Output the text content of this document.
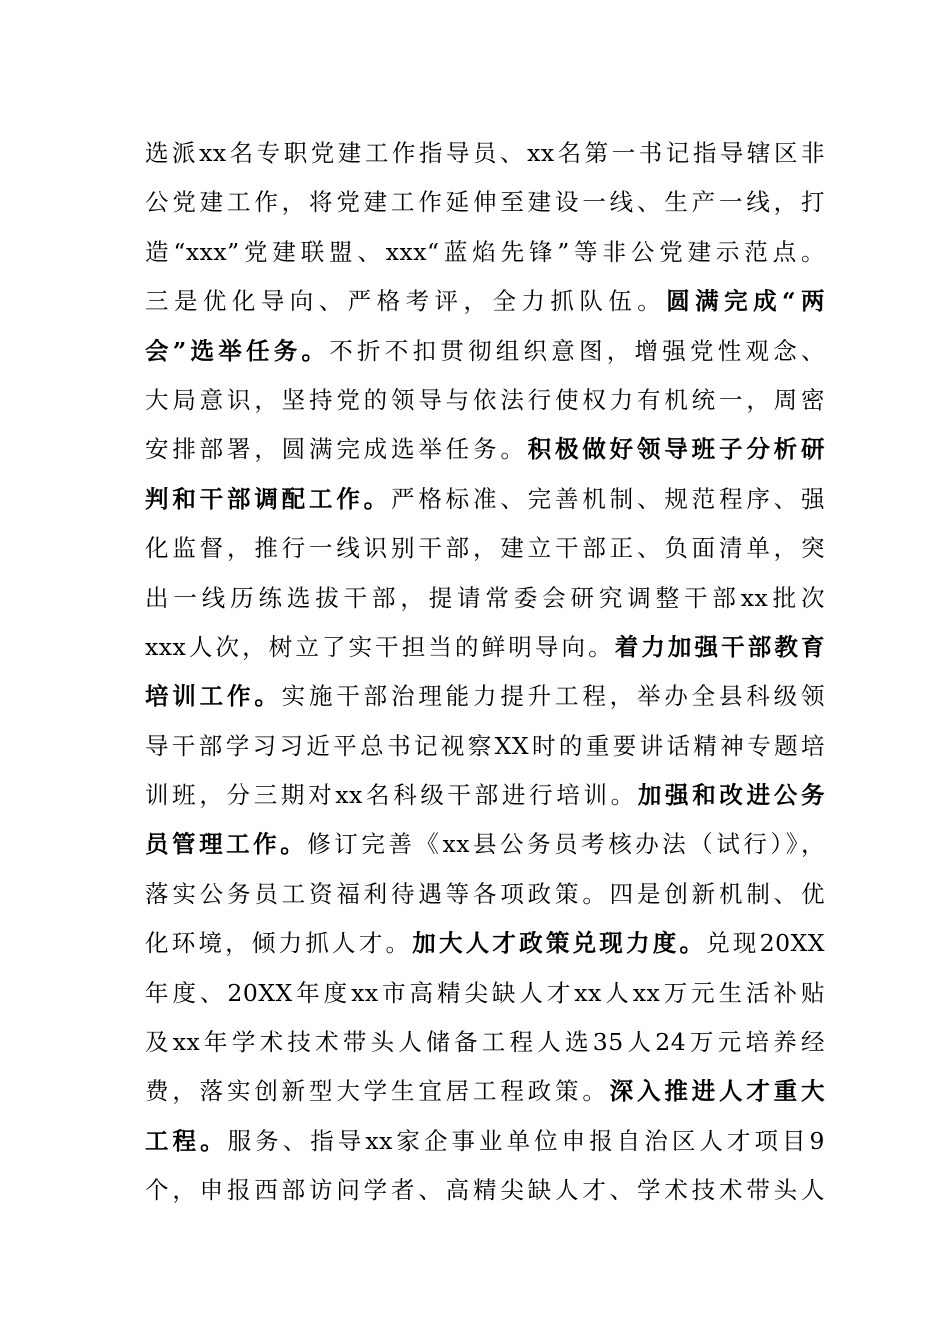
选派xx名专职党建工作指导员、xx名第一书记指导辖区非
公党建工作，将党建工作延伸至建设一线、生产一线，打
造“xxx”党建联盟、xxx“蓝焰先锋”等非公党建示范点。
三是优化导向、严格考评，全力抓队伍。圆满完成“两
会”选举任务。不折不扣贯彻组织意图，增强党性观念、
大局意识，坚持党的领导与依法行使权力有机统一，周密
安排部署，圆满完成选举任务。积极做好领导班子分析研
判和干部调配工作。严格标准、完善机制、规范程序、强
化监督，推行一线识别干部，建立干部正、负面清单，突
出一线历练选拔干部，提请常委会研究调整干部xx批次
xxx人次，树立了实干担当的鲜明导向。着力加强干部教育
培训工作。实施干部治理能力提升工程，举办全县科级领
导干部学习习近平总书记视察XX时的重要讲话精神专题培
训班，分三期对xx名科级干部进行培训。加强和改进公务
员管理工作。修订完善《xx县公务员考核办法（试行）》，
落实公务员工资福利待遇等各项政策。四是创新机制、优
化环境，倾力抓人才。加大人才政策兑现力度。兑现20XX
年度、20XX年度xx市高精尖缺人才xx人xx万元生活补贴
及xx年学术技术带头人储备工程人选35人24万元培养经
费，落实创新型大学生宜居工程政策。深入推进人才重大
工程。服务、指导xx家企事业单位申报自治区人才项目9
个，申报西部访问学者、高精尖缺人才、学术技术带头人
